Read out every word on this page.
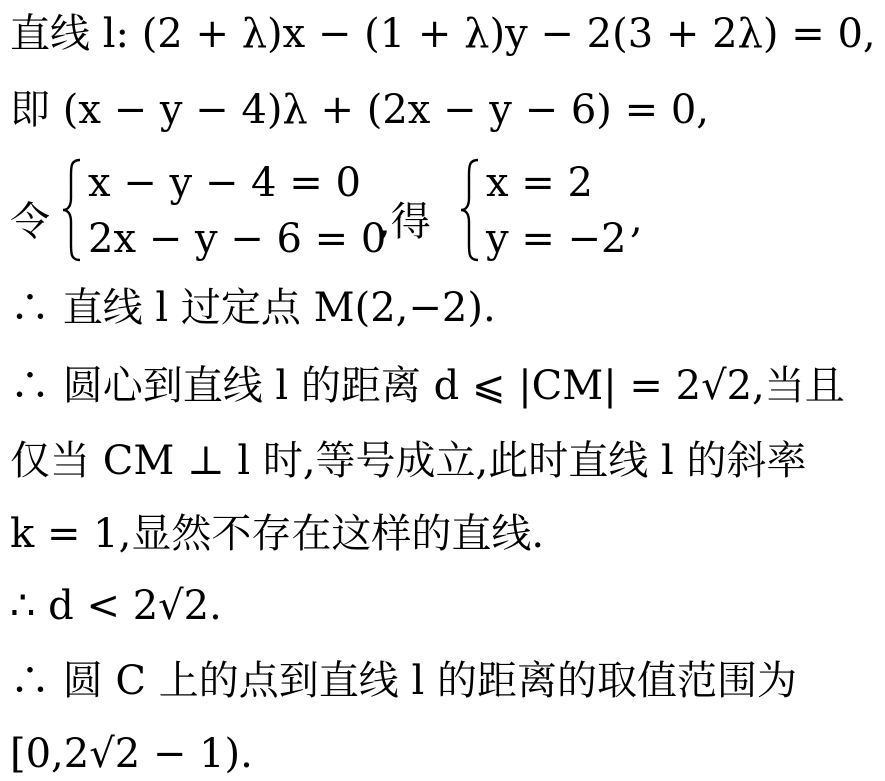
直线 l: (2 + λ)x − (1 + λ)y − 2(3 + 2λ) = 0,
即 (x − y − 4)λ + (2x − y − 6) = 0,
令
x − y − 4 = 0
2x − y − 6 = 0
,得
x = 2
y = −2 ,
∴ 直线 l 过定点 M(2,−2).
∴ 圆心到直线 l 的距离 d ⩽ |CM| = 2√2,当且
仅当 CM ⊥ l 时,等号成立,此时直线 l 的斜率
k = 1,显然不存在这样的直线.
∴ d < 2√2.
∴ 圆 C 上的点到直线 l 的距离的取值范围为
[0,2√2 − 1).
